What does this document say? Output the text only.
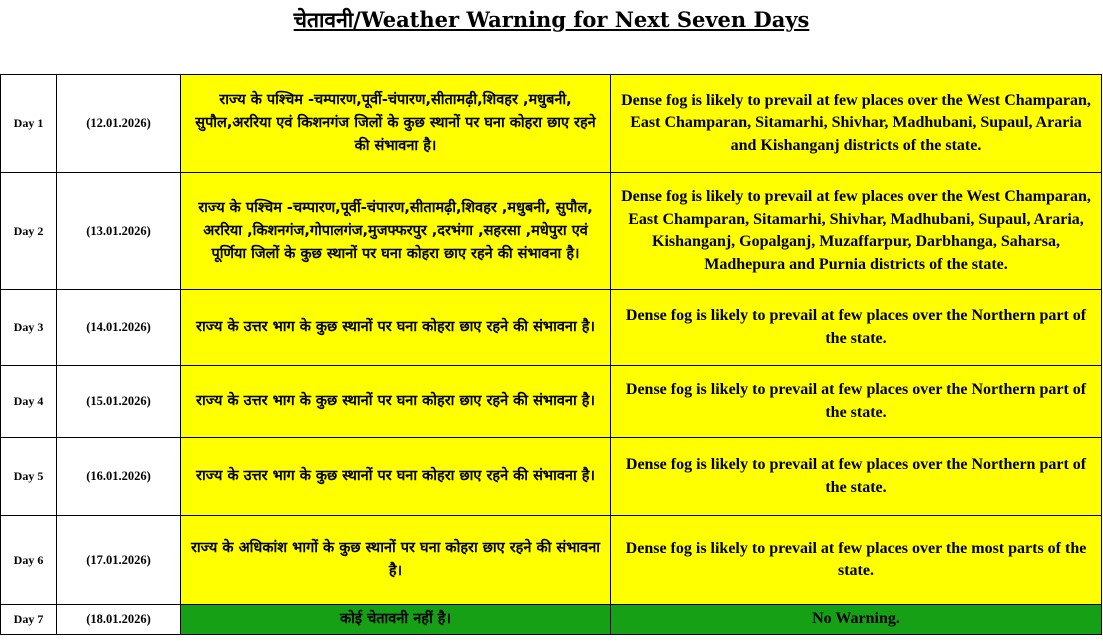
चेतावनी/Weather Warning for Next Seven Days
Day 1	(12.01.2026)	राज्य के पश्चिम -चम्पारण,पूर्वी-चंपारण,सीतामढ़ी,शिवहर ,मधुबनी, सुपौल,अररिया एवं किशनगंज जिलों के कुछ स्थानों पर घना कोहरा छाए रहने की संभावना है।	Dense fog is likely to prevail at few places over the West Champaran, East Champaran, Sitamarhi, Shivhar, Madhubani, Supaul, Araria and Kishanganj districts of the state.
Day 2	(13.01.2026)	राज्य के पश्चिम -चम्पारण,पूर्वी-चंपारण,सीतामढ़ी,शिवहर ,मधुबनी, सुपौल, अररिया ,किशनगंज,गोपालगंज,मुजफ्फरपुर ,दरभंगा ,सहरसा ,मधेपुरा एवं पूर्णिया जिलों के कुछ स्थानों पर घना कोहरा छाए रहने की संभावना है।	Dense fog is likely to prevail at few places over the West Champaran, East Champaran, Sitamarhi, Shivhar, Madhubani, Supaul, Araria, Kishanganj, Gopalganj, Muzaffarpur, Darbhanga, Saharsa, Madhepura and Purnia districts of the state.
Day 3	(14.01.2026)	राज्य के उत्तर भाग के कुछ स्थानों पर घना कोहरा छाए रहने की संभावना है।	Dense fog is likely to prevail at few places over the Northern part of the state.
Day 4	(15.01.2026)	राज्य के उत्तर भाग के कुछ स्थानों पर घना कोहरा छाए रहने की संभावना है।	Dense fog is likely to prevail at few places over the Northern part of the state.
Day 5	(16.01.2026)	राज्य के उत्तर भाग के कुछ स्थानों पर घना कोहरा छाए रहने की संभावना है।	Dense fog is likely to prevail at few places over the Northern part of the state.
Day 6	(17.01.2026)	राज्य के अधिकांश भागों के कुछ स्थानों पर घना कोहरा छाए रहने की संभावना है।	Dense fog is likely to prevail at few places over the most parts of the state.
Day 7	(18.01.2026)	कोई चेतावनी नहीं है।	No Warning.
